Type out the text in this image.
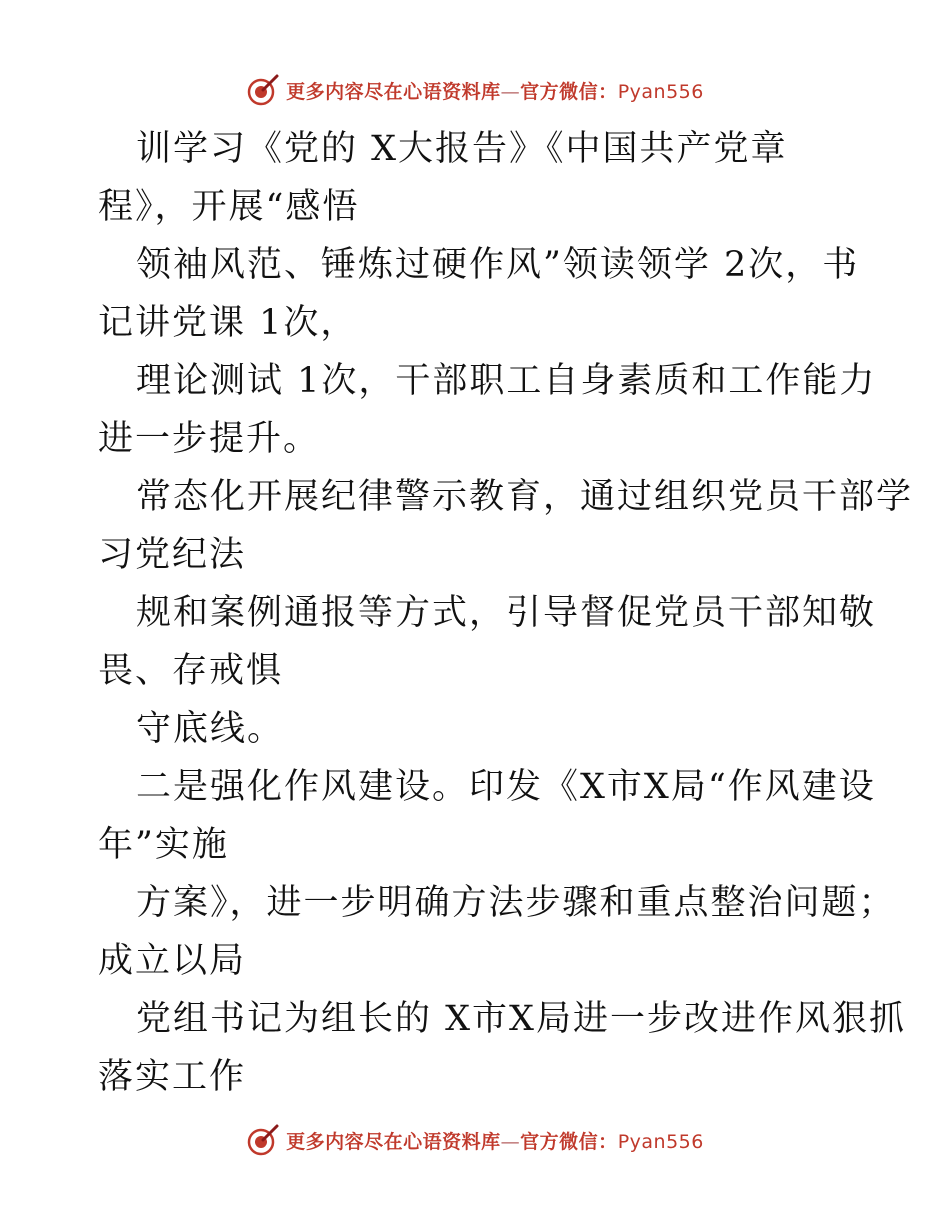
更多内容尽在心语资料库—官方微信：Pyan556
训学习《党的 X大报告》《中国共产党章
程》，开展“感悟
领袖风范、锤炼过硬作风”领读领学 2次，书
记讲党课 1次，
理论测试 1次，干部职工自身素质和工作能力
进一步提升。
常态化开展纪律警示教育，通过组织党员干部学
习党纪法
规和案例通报等方式，引导督促党员干部知敬
畏、存戒惧
守底线。
二是强化作风建设。印发《X市X局“作风建设
年”实施
方案》，进一步明确方法步骤和重点整治问题；
成立以局
党组书记为组长的 X市X局进一步改进作风狠抓
落实工作
更多内容尽在心语资料库—官方微信：Pyan556
